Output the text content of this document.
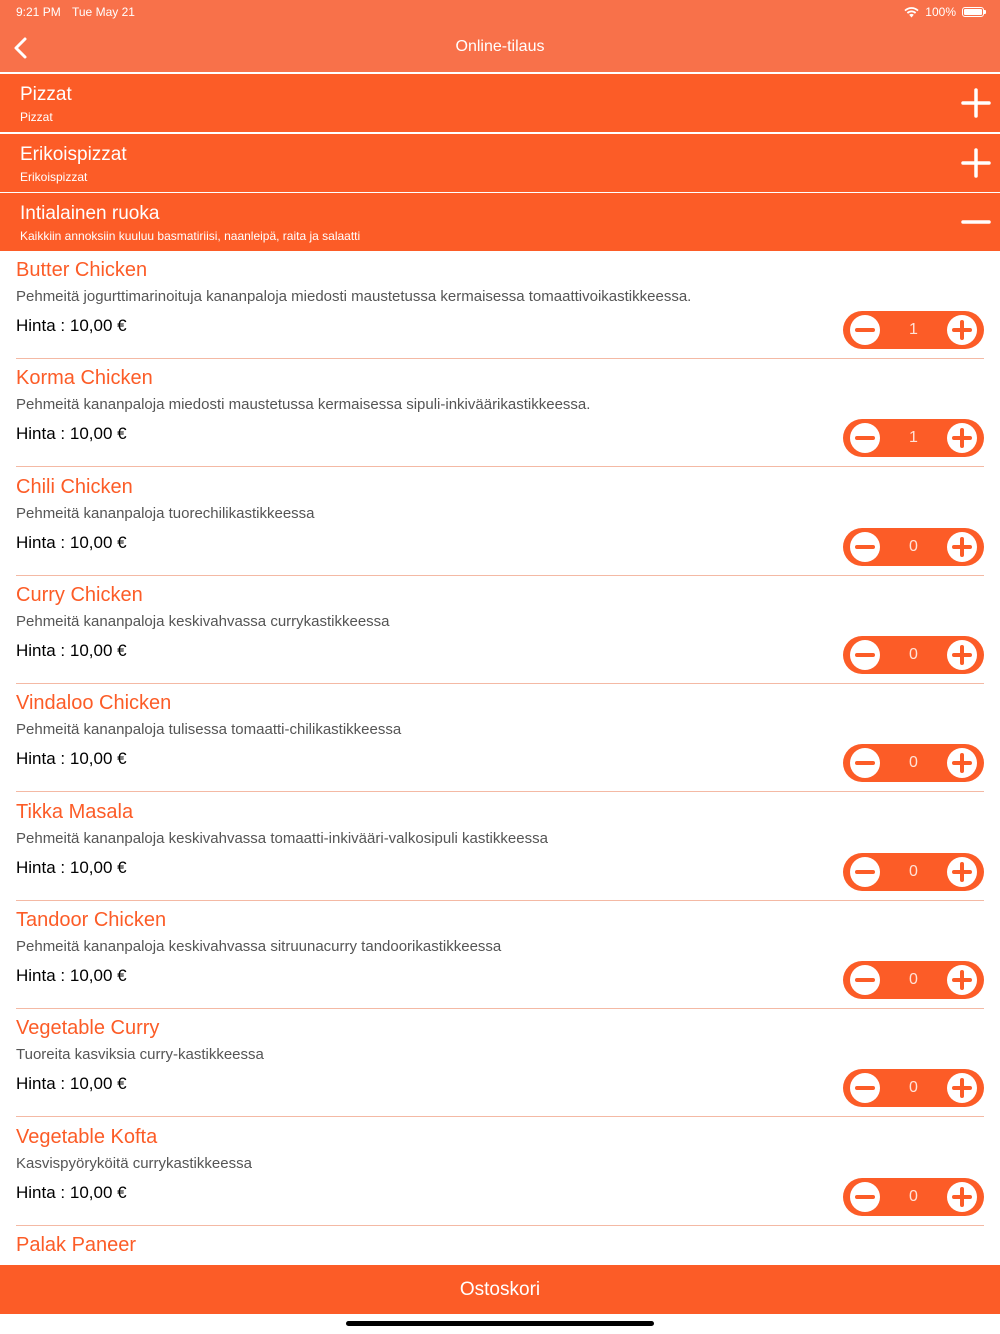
9:21 PM Tue May 21	100%
Online-tilaus
Pizzat
Pizzat
Erikoispizzat
Erikoispizzat
Intialainen ruoka
Kaikkiin annoksiin kuuluu basmatiriisi, naanleipä, raita ja salaatti
Butter Chicken
Pehmeitä jogurttimarinoituja kananpaloja miedosti maustetussa kermaisessa tomaattivoikastikkeessa.
Hinta : 10,00 €	1
Korma Chicken
Pehmeitä kananpaloja miedosti maustetussa kermaisessa sipuli-inkiväärikastikkeessa.
Hinta : 10,00 €	1
Chili Chicken
Pehmeitä kananpaloja tuorechilikastikkeessa
Hinta : 10,00 €	0
Curry Chicken
Pehmeitä kananpaloja keskivahvassa currykastikkeessa
Hinta : 10,00 €	0
Vindaloo Chicken
Pehmeitä kananpaloja tulisessa tomaatti-chilikastikkeessa
Hinta : 10,00 €	0
Tikka Masala
Pehmeitä kananpaloja keskivahvassa tomaatti-inkivääri-valkosipuli kastikkeessa
Hinta : 10,00 €	0
Tandoor Chicken
Pehmeitä kananpaloja keskivahvassa sitruunacurry tandoorikastikkeessa
Hinta : 10,00 €	0
Vegetable Curry
Tuoreita kasviksia curry-kastikkeessa
Hinta : 10,00 €	0
Vegetable Kofta
Kasvispyöryköitä currykastikkeessa
Hinta : 10,00 €	0
Palak Paneer
Ostoskori
